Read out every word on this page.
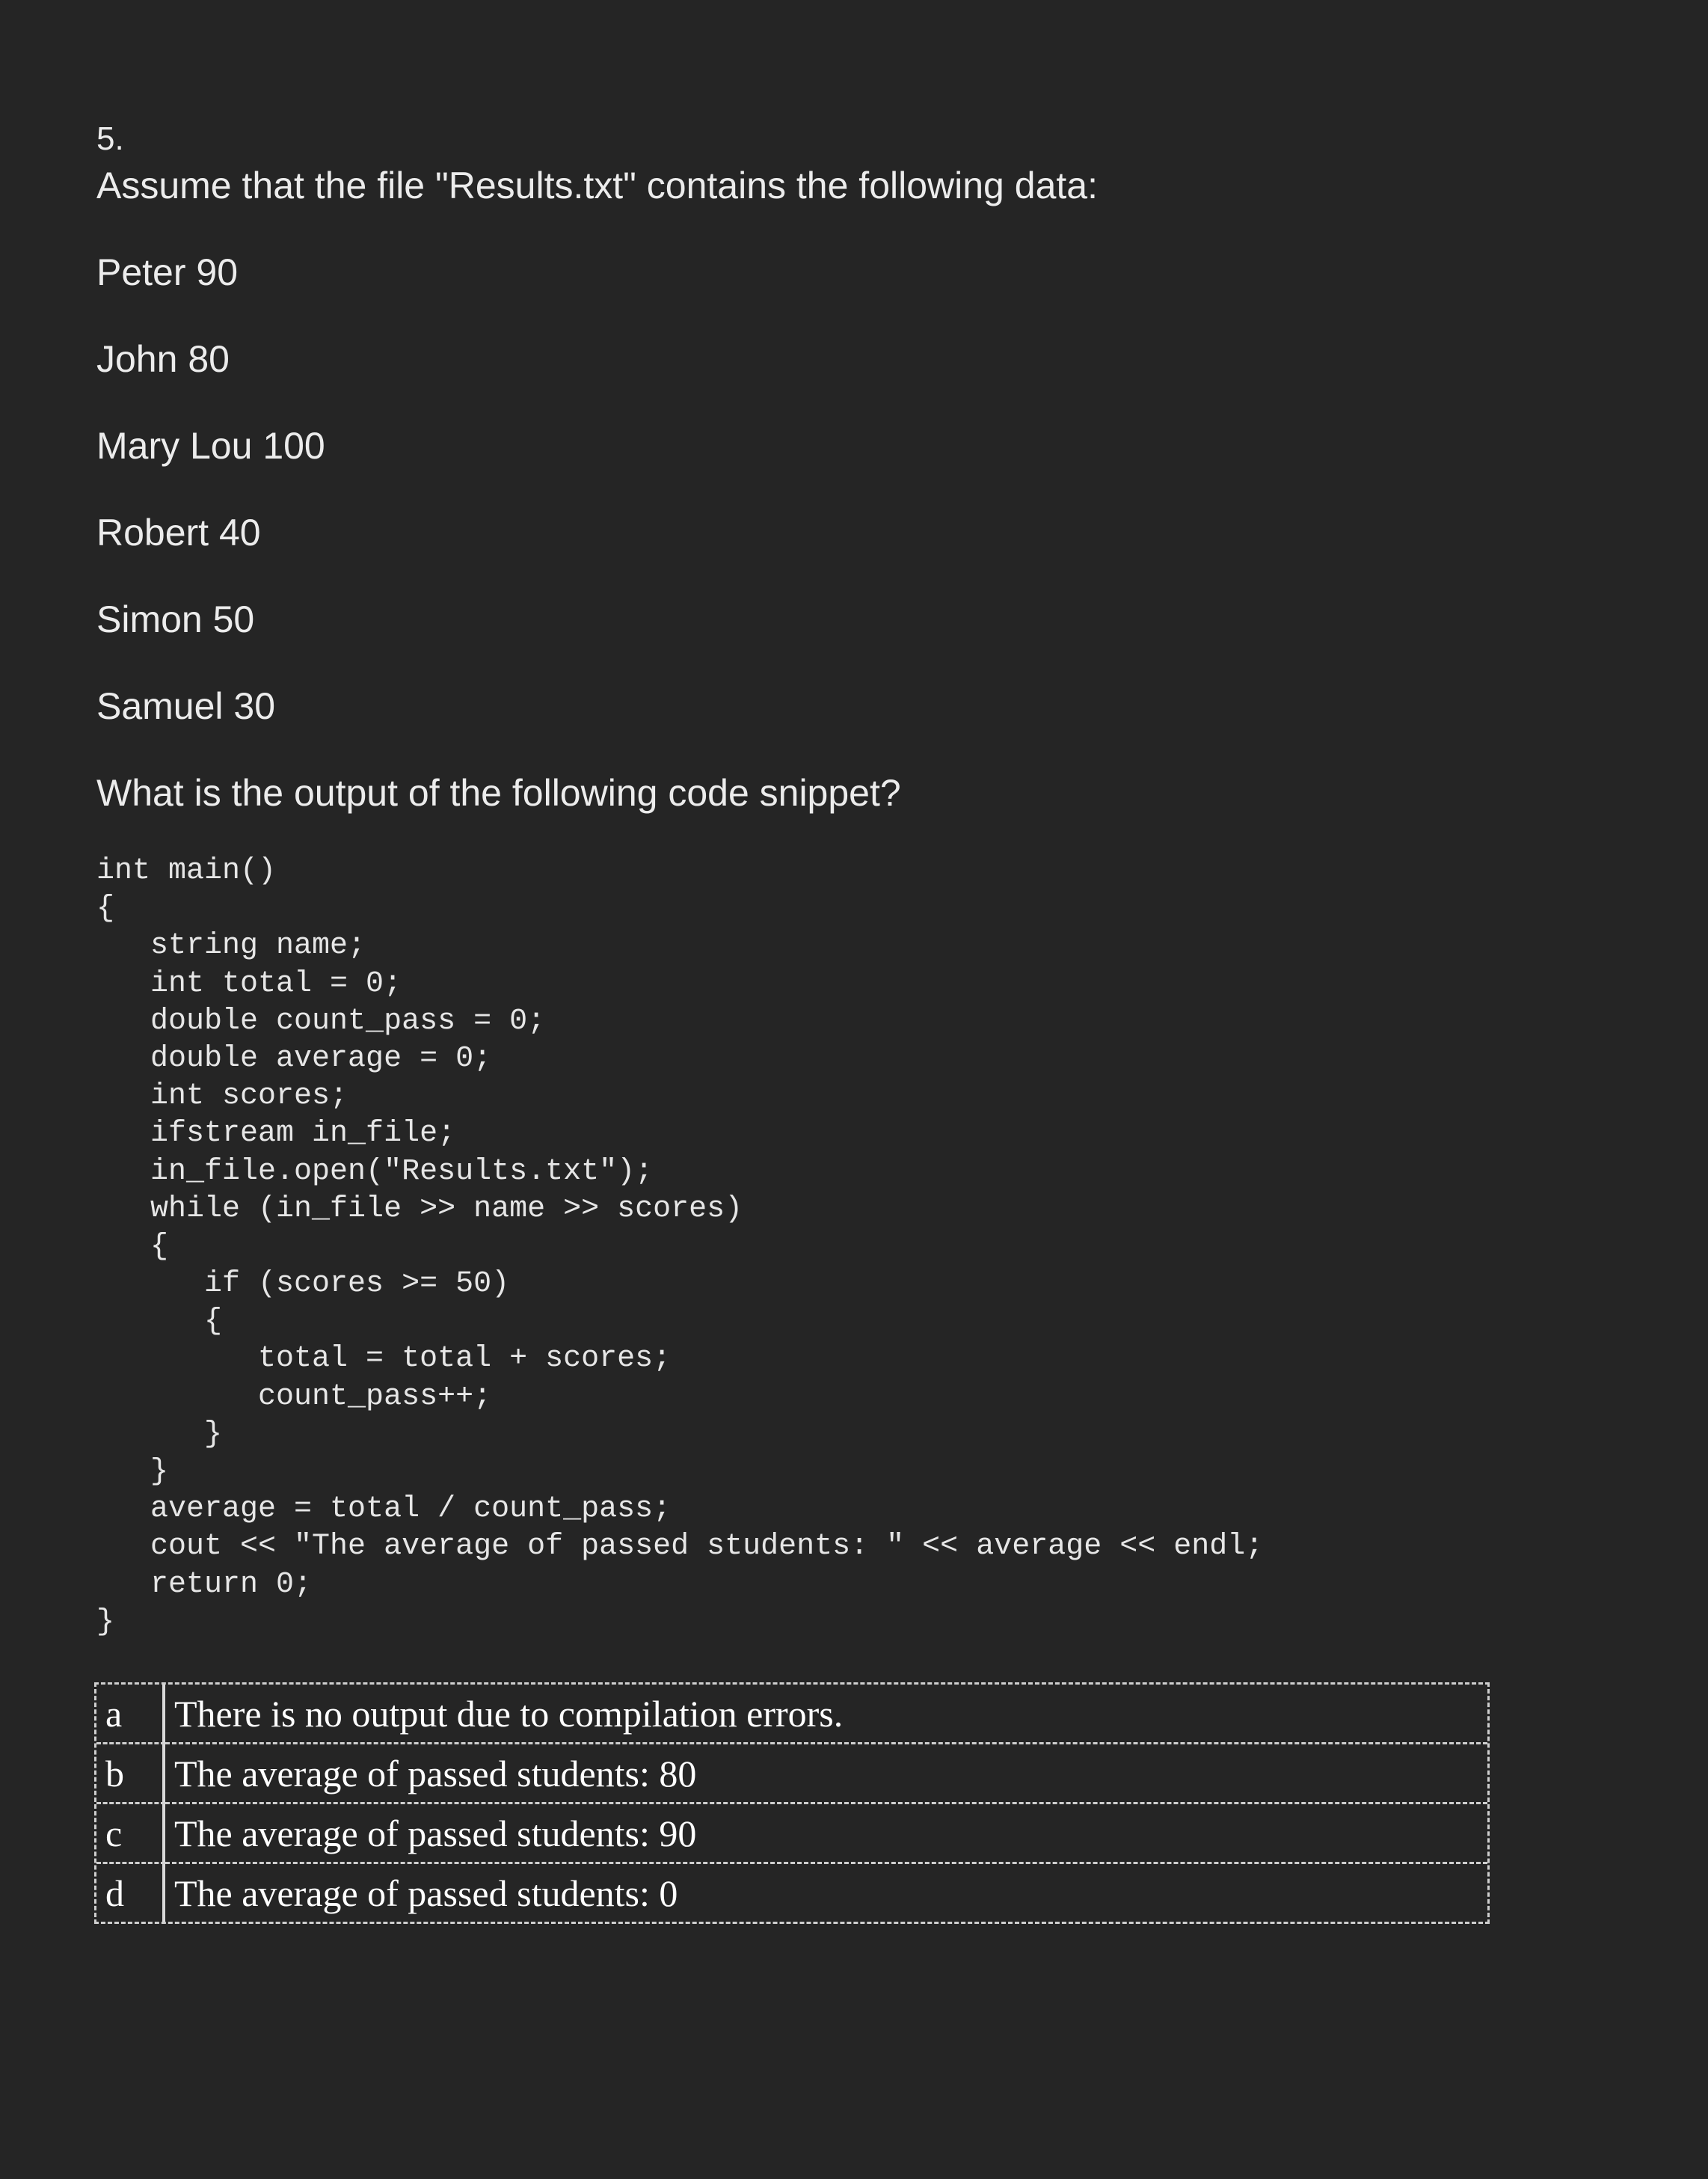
5.
Assume that the file "Results.txt" contains the following data:
Peter 90
John 80
Mary Lou 100
Robert 40
Simon 50
Samuel 30
What is the output of the following code snippet?
int main()
{
string name;
int total = 0;
double count_pass = 0;
double average = 0;
int scores;
ifstream in_file;
in_file.open("Results.txt");
while (in_file >> name >> scores)
{
if (scores >= 50)
{
total = total + scores;
count_pass++;
}
}
average = total / count_pass;
cout << "The average of passed students: " << average << endl;
return 0;
}
a	There is no output due to compilation errors.
b	The average of passed students: 80
c	The average of passed students: 90
d	The average of passed students: 0
